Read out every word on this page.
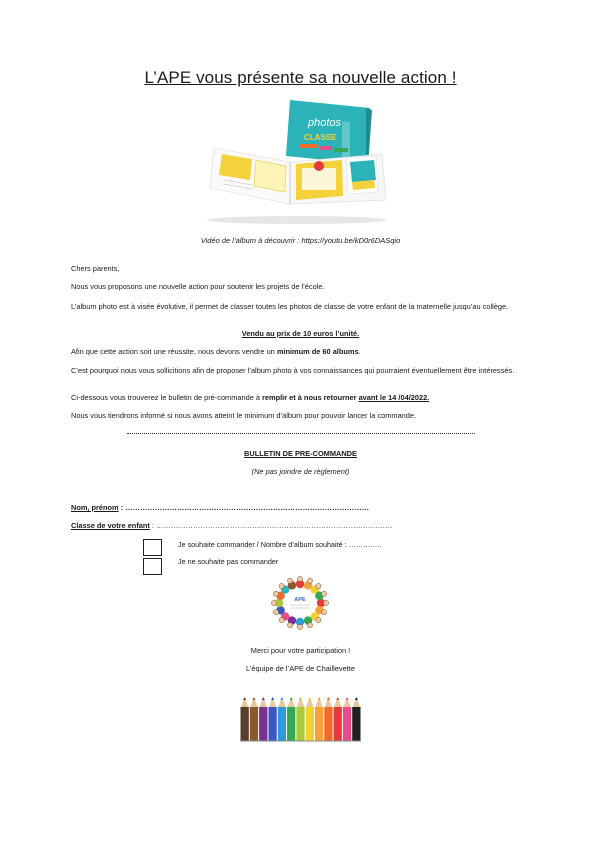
L’APE vous présente sa nouvelle action !
photos
CLASSE
Vidéo de l’album à découvrir : https://youtu.be/kD0r6DASqio
Chers parents,
Nous vous proposons une nouvelle action pour soutenir les projets de l’école.
L’album photo est à visée évolutive, il permet de classer toutes les photos de classe de votre enfant de la maternelle jusqu’au collège.
Vendu au prix de 10 euros l’unité.
Afin que cette action soit une réussite, nous devons vendre un minimum de 60 albums.
C’est pourquoi nous vous sollicitions afin de proposer l’album photo à vos connaissances qui pourraient éventuellement être intéressés.
Ci-dessous vous trouverez le bulletin de pré-commande à remplir et à nous retourner avant le 14 /04/2022.
Nous vous tiendrons informé si nous avons atteint le minimum d’album pour pouvoir lancer la commande.
BULLETIN DE PRE-COMMANDE
(Ne pas joindre de règlement)
Nom, prénom : ………………………………………………………………………………………
Classe de votre enfant : ……………………………………………………………………………………
Je souhaite commander / Nombre d’album souhaité : …………..
Je ne souhaite pas commander
APE
Merci pour votre participation !
L’équipe de l’APE de Chaillevette
